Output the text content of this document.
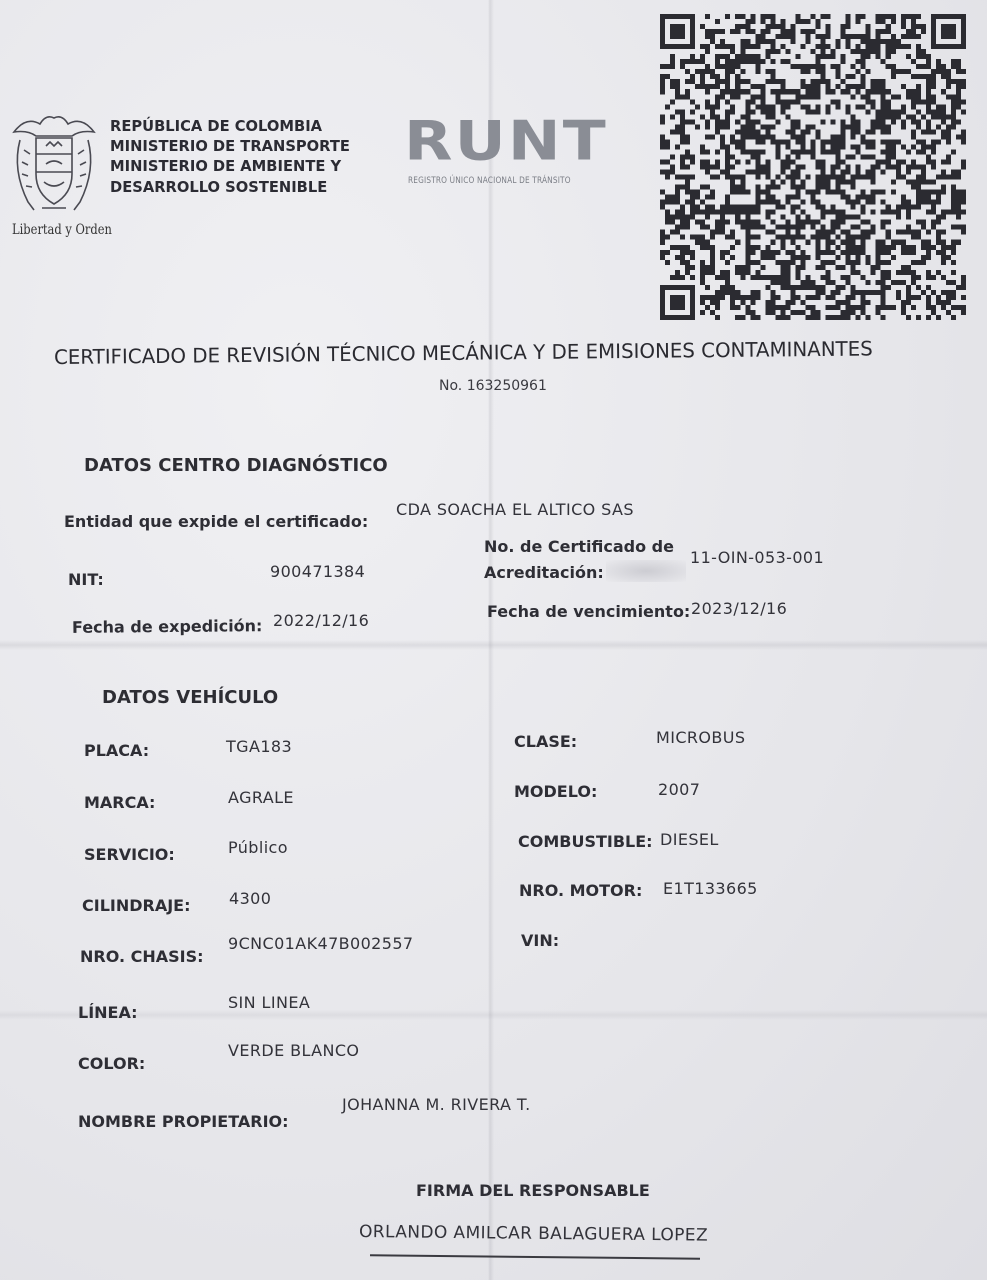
Libertad y Orden
REPÚBLICA DE COLOMBIA
MINISTERIO DE TRANSPORTE
MINISTERIO DE AMBIENTE Y
DESARROLLO SOSTENIBLE
RUNT
REGISTRO ÚNICO NACIONAL DE TRÁNSITO
CERTIFICADO DE REVISIÓN TÉCNICO MECÁNICA Y DE EMISIONES CONTAMINANTES
No. 163250961
DATOS CENTRO DIAGNÓSTICO
Entidad que expide el certificado:
CDA SOACHA EL ALTICO SAS
NIT:	900471384
No. de Certificado de
Acreditación:
11-OIN-053-001
Fecha de expedición: 2022/12/16	Fecha de vencimiento: 2023/12/16
DATOS VEHÍCULO
PLACA:	TGA183	CLASE:	MICROBUS
MARCA:	AGRALE	MODELO:	2007
SERVICIO:	Público	COMBUSTIBLE: DIESEL
CILINDRAJE: 4300	NRO. MOTOR: E1T133665
NRO. CHASIS:
9CNC01AK47B002557	VIN:
LÍNEA:
SIN LINEA
COLOR:
VERDE BLANCO
NOMBRE PROPIETARIO:
JOHANNA M. RIVERA T.
FIRMA DEL RESPONSABLE
ORLANDO AMILCAR BALAGUERA LOPEZ
